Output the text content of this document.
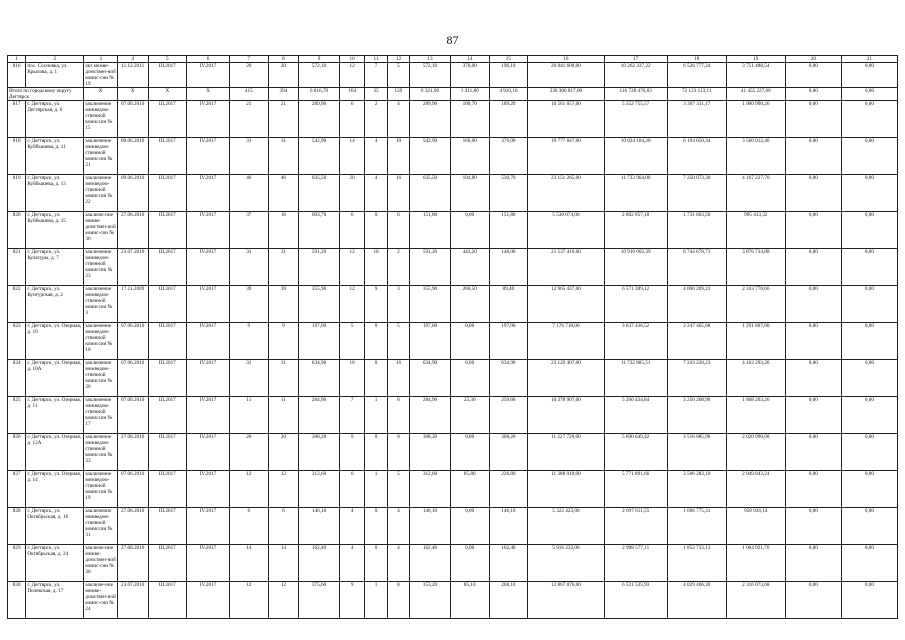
87
1	2	3	4	5	6	7	8	9	10	11	12	13	14	15	16	17	18	19	20	21
816	пос. Сосновка, ул. Крылова, д. 1	акт межве-домствен-ной комис-сии № 19	11.12.2011	III.2017	IV.2017	20	20	572,10	12	7	5	572,10	376,00	196,10	20 841 600,00	10 262 337,22	6 526 777,24	3 751 488,54	0,00	0,00
Итого по городскому округу Дегтярск		X	X	X	X	415	394	6 816,70	164	35	129	6 321,90	1 411,80	4 910,10	230 306 817,00	116 728 476,83	72 123 113,11	41 455 227,06	0,00	0,00
817	г. Дегтярск, ул. Дегтярская, д. 6	заключение межведом-ственной комиссии № 15	07.06.2010	III.2017	IV.2017	21	21	289,90	6	2	4	289,90	100,70	189,20	10 561 057,00	5 352 755,57	3 307 311,17	1 900 990,26	0,00	0,00
818	г. Дегтярск, ул. Куйбышева, д. 11	заключение межведом-ственной комиссии № 21	09.06.2010	III.2017	IV.2017	31	31	542,90	14	4	10	542,90	166,90	376,00	19 777 847,00	10 024 184,20	6 193 650,34	3 560 012,46	0,00	0,00
819	г. Дегтярск, ул. Куйбышева, д. 13	заключение межведом-ственной комиссии № 22	09.06.2010	III.2017	IV.2017	46	46	635,50	20	4	16	635,50	104,80	530,70	23 151 265,00	11 733 964,00	7 250 073,30	4 167 227,70	0,00	0,00
820	г. Дегтярск, ул. Куйбышева, д. 15	заключе-ние межве-домствен-ной комис-сии № 36	27.08.2010	III.2017	IV.2017	37	16	603,70	6	0	6	151,80	0,00	151,80	5 530 074,00	2 802 857,18	1 731 803,50	995 413,32	0,00	0,00
821	г. Дегтярск, ул. Культуры, д. 7	заключение межведом-ственной комиссии № 23	23.07.2010	III.2017	IV.2017	31	31	591,20	12	10	2	591,20	443,20	148,00	21 537 416,00	10 916 002,39	6 744 678,73	3 876 734,88	0,00	0,00
822	г. Дегтярск, ул. Кунгурская, д. 2	заключение межведом-ственной комиссии № 3	17.11.2009	III.2017	IV.2017	39	39	355,90	12	9	3	355,90	266,50	89,40	12 965 437,00	6 571 389,12	4 060 269,22	2 333 778,66	0,00	0,00
823	г. Дегтярск, ул. Озерная, д. 10	заключение межведом-ственной комиссии № 18	07.06.2010	III.2017	IV.2017	9	9	197,00	5	0	5	197,00	0,00	197,00	7 176 710,00	3 637 436,52	2 247 465,68	1 291 807,80	0,00	0,00
824	г. Дегтярск, ул. Озерная, д. 10А	заключение межведом-ственной комиссии № 20	07.06.2010	III.2017	IV.2017	31	31	634,90	16	0	16	634,90	0,00	634,90	23 129 407,00	11 722 885,51	7 243 228,23	4 163 293,26	0,00	0,00
825	г. Дегтярск, ул. Озерная, д. 11	заключение межведом-ственной комиссии № 17	07.06.2010	III.2017	IV.2017	11	11	284,90	7	1	6	284,90	25,30	259,60	10 378 907,00	5 260 434,84	3 250 268,90	1 868 203,26	0,00	0,00
826	г. Дегтярск, ул. Озерная, д. 12А	заключение межведом-ственной комиссии № 33	27.08.2010	III.2017	IV.2017	20	20	308,20	9	0	9	308,20	0,00	308,20	11 227 726,00	5 690 649,42	3 516 085,90	2 020 990,68	0,00	0,00
827	г. Дегтярск, ул. Озерная, д. 14	заключение межведом-ственной комиссии № 19	07.06.2010	III.2017	IV.2017	12	12	312,60	6	1	5	312,60	85,80	226,80	11 388 018,00	5 771 891,66	3 566 283,10	2 049 843,24	0,00	0,00
828	г. Дегтярск, ул. Октябрьская, д. 16	заключение межведом-ственной комиссии № 31	27.08.2010	III.2017	IV.2017	6	6	146,10	4	0	4	146,10	0,00	146,10	5 322 423,00	2 697 611,55	1 666 775,31	958 036,14	0,00	0,00
829	г. Дегтярск, ул. Октябрьская, д. 24	заключе-ние межве-домствен-ной комис-сии № 30	27.08.2010	III.2017	IV.2017	14	14	162,40	4	0	4	162,40	0,00	162,40	5 916 232,00	2 998 577,11	1 852 733,13	1 064 921,76	0,00	0,00
830	г. Дегтярск, ул. Полевская, д. 17	заключе-ние межве-домствен-ной комис-сии № 24	23.07.2010	III.2017	IV.2017	12	12	375,60	9	1	8	353,20	85,10	268,10	12 867 076,00	6 521 535,93	4 029 466,39	2 316 073,68	0,00	0,00
